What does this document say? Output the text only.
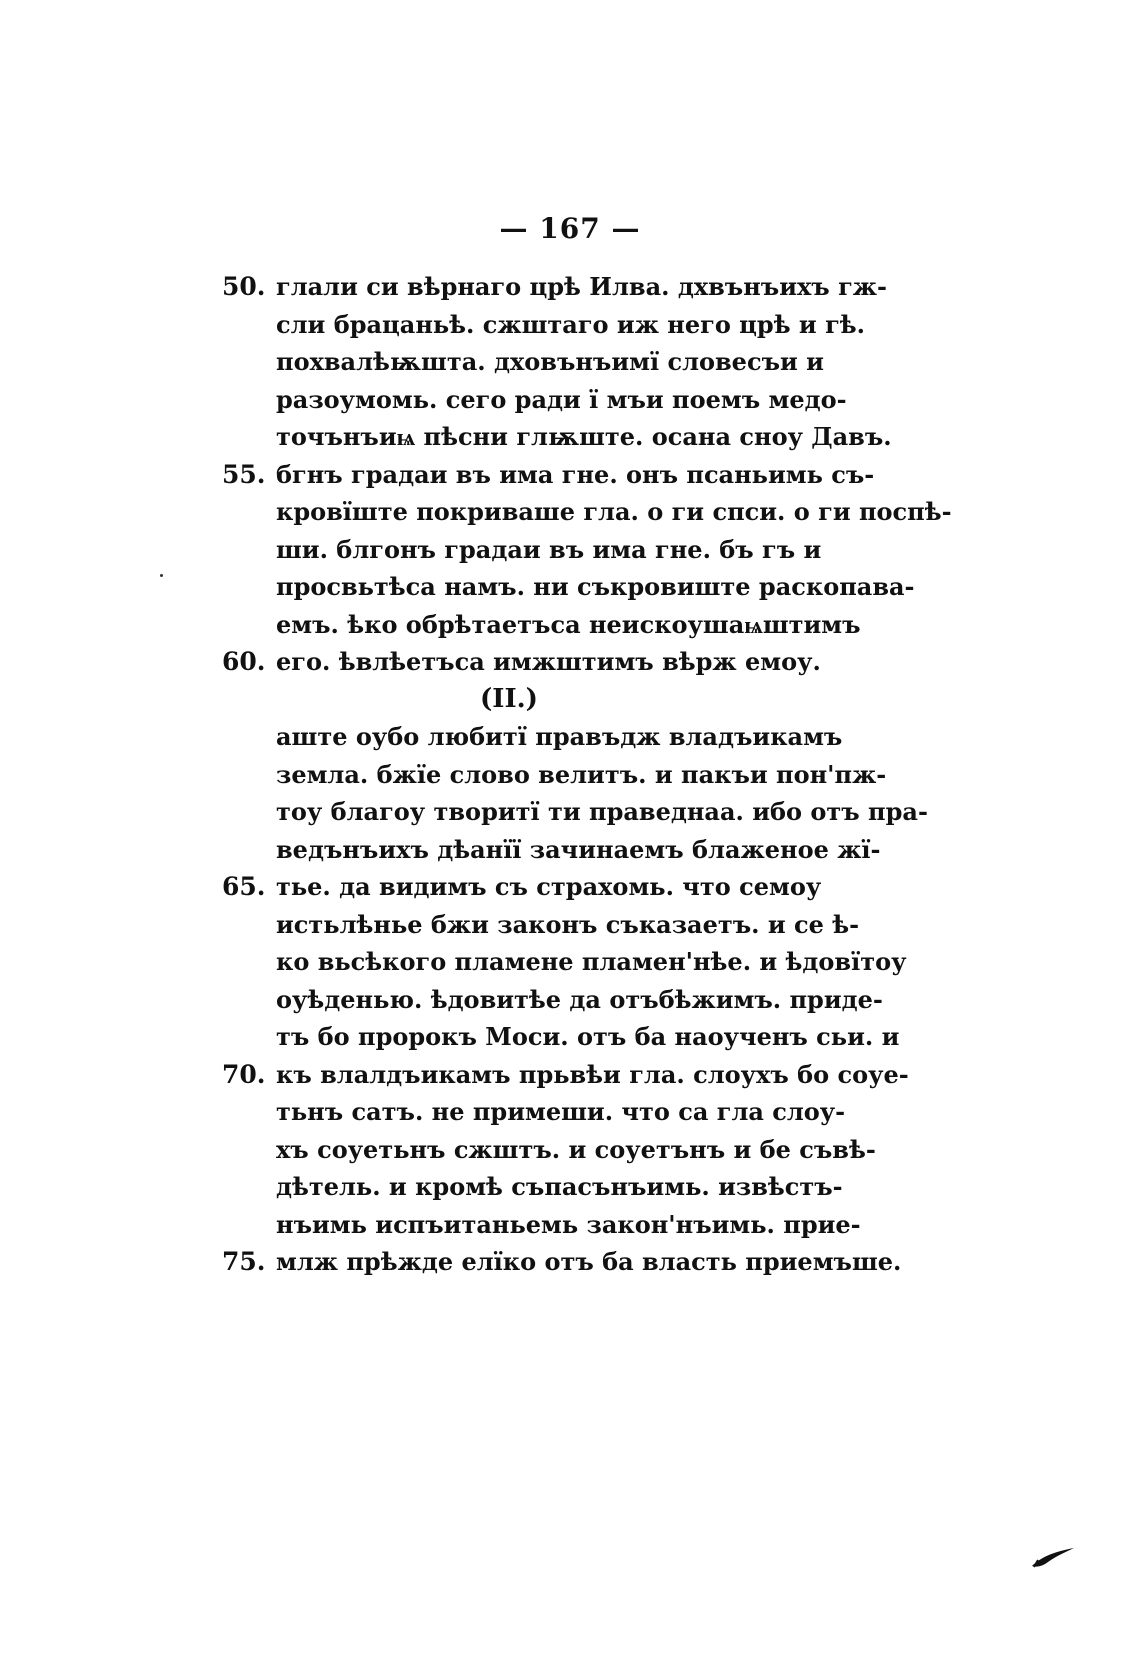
— 167 —
50. глали си вѣрнаго црѣ Илва. дхвънъихъ гж-
сли брацаньѣ. сжштаго иж него црѣ и гѣ.
похвалѣѭшта. дховънъимї словесъи и
разоумомь. сего ради ї мъи поемъ медо-
точънъиѩ пѣсни глѭште. осана сноу Давъ.
55. бгнъ градаи въ има гне. онъ псаньимь съ-
кровїште покриваше гла. о ги спси. о ги поспѣ-
ши. блгонъ градаи въ има гне. бъ гъ и
просвьтѣса намъ. ни съкровиште раскопава-
емъ. ѣко обрѣтаетъса неискоушаѩштимъ
60. его. ѣвлѣетъса имжштимъ вѣрж емоу.
(II.)
аште оубо любитї правъдж владъикамъ
земла. бжїе слово велитъ. и пакъи пон'пж-
тоу благоу творитї ти праведнаа. ибо отъ пра-
ведънъихъ дѣанїї зачинаемъ блаженое жї-
65. тье. да видимъ съ страхомь. что семоу
истьлѣнье бжи законъ съказаетъ. и се ѣ-
ко вьсѣкого пламене пламен'нѣе. и ѣдовїтоу
оуѣденью. ѣдовитѣе да отъбѣжимъ. приде-
тъ бо пророкъ Моси. отъ ба наоученъ сьи. и
70. къ влалдъикамъ прьвѣи гла. слоухъ бо соуе-
тьнъ сатъ. не примеши. что са гла слоу-
хъ соуетьнъ сжштъ. и соуетънъ и бе съвѣ-
дѣтель. и кромѣ съпасънъимь. извѣстъ-
нъимь испъитаньемь закон'нъимь. прие-
75. млж прѣжде елїко отъ ба власть приемъше.
